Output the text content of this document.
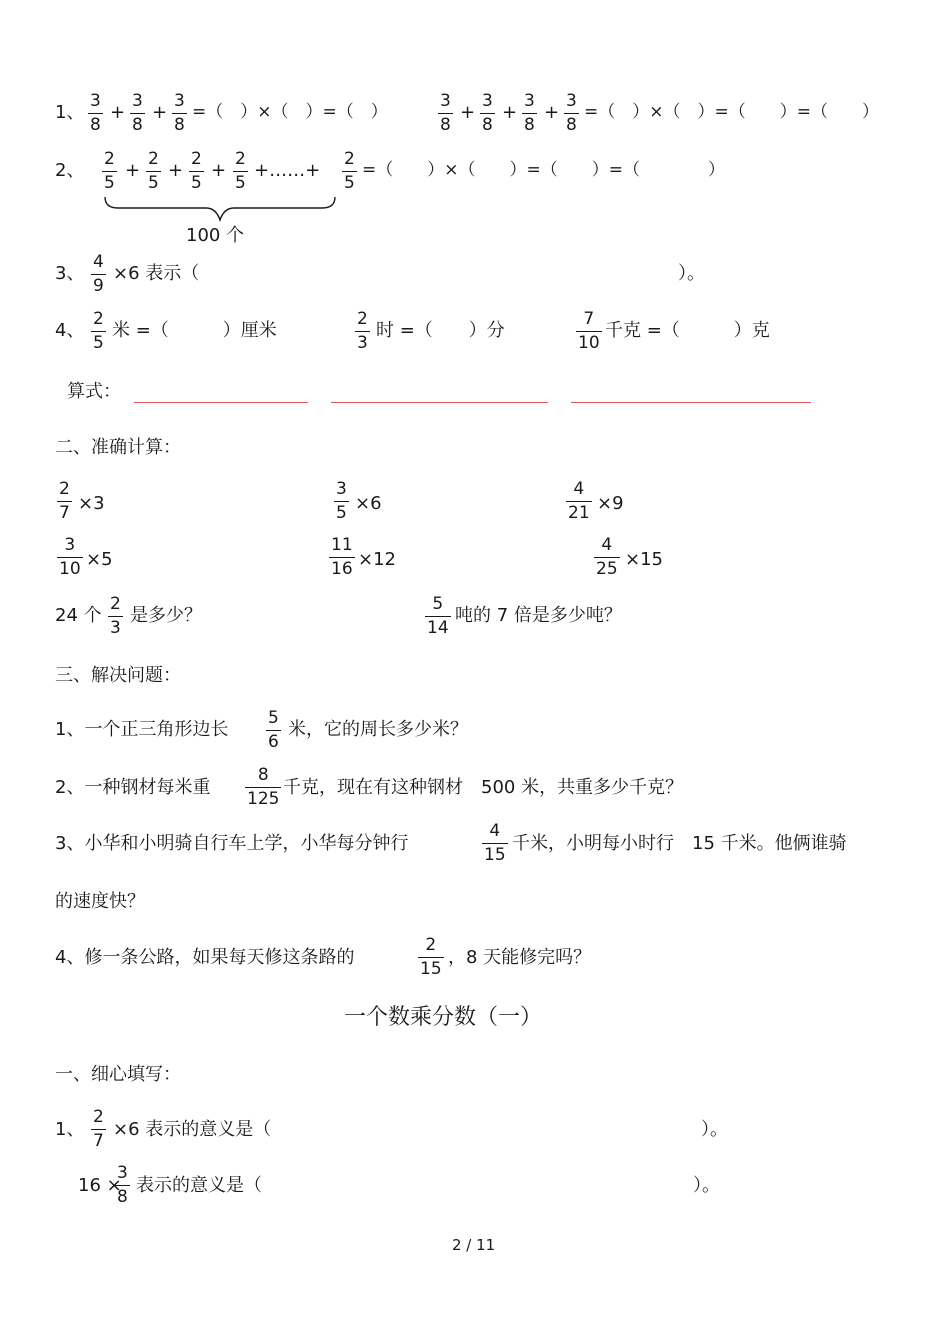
1、 $\frac{3}{8} + \frac{3}{8} + \frac{3}{8}$ =（　）×（　）=（　）	$\frac{3}{8} + \frac{3}{8} + \frac{3}{8} + \frac{3}{8}$ =（　）×（　）=（　　）=（　　）
2、 $\frac{2}{5} + \frac{2}{5} + \frac{2}{5} + \frac{2}{5}$ +……+ $\frac{2}{5}$ =（　　）×（　　）=（　　）=（　　　　）
100 个
3、 $\frac{4}{9} \times 6$ 表示（	）。
4、 $\frac{2}{5}$ 米 =（　　　）厘米	$\frac{2}{3}$ 时 =（　　）分	$\frac{7}{10}$ 千克 =（　　　）克
算式：
二、准确计算：
$\frac{2}{7} \times 3$	$\frac{3}{5} \times 6$	$\frac{4}{21} \times 9$
$\frac{3}{10} \times 5$	$\frac{11}{16} \times 12$	$\frac{4}{25} \times 15$
24 个 $\frac{2}{3}$ 是多少？	$\frac{5}{14}$ 吨的 7 倍是多少吨？
三、解决问题：
1、一个正三角形边长 $\frac{5}{6}$ 米，它的周长多少米？
2、一种钢材每米重 $\frac{8}{125}$ 千克，现在有这种钢材　500 米，共重多少千克？
3、小华和小明骑自行车上学，小华每分钟行	$\frac{4}{15}$ 千米，小明每小时行　15 千米。他俩谁骑
的速度快？
4、修一条公路，如果每天修这条路的	$\frac{2}{15}$ ，8 天能修完吗？
一个数乘分数（一）
一、细心填写：
1、 $\frac{2}{7} \times 6$ 表示的意义是（	）。
16 ×
$\frac{3}{8}$ 表示的意义是（	）。
2 / 11
